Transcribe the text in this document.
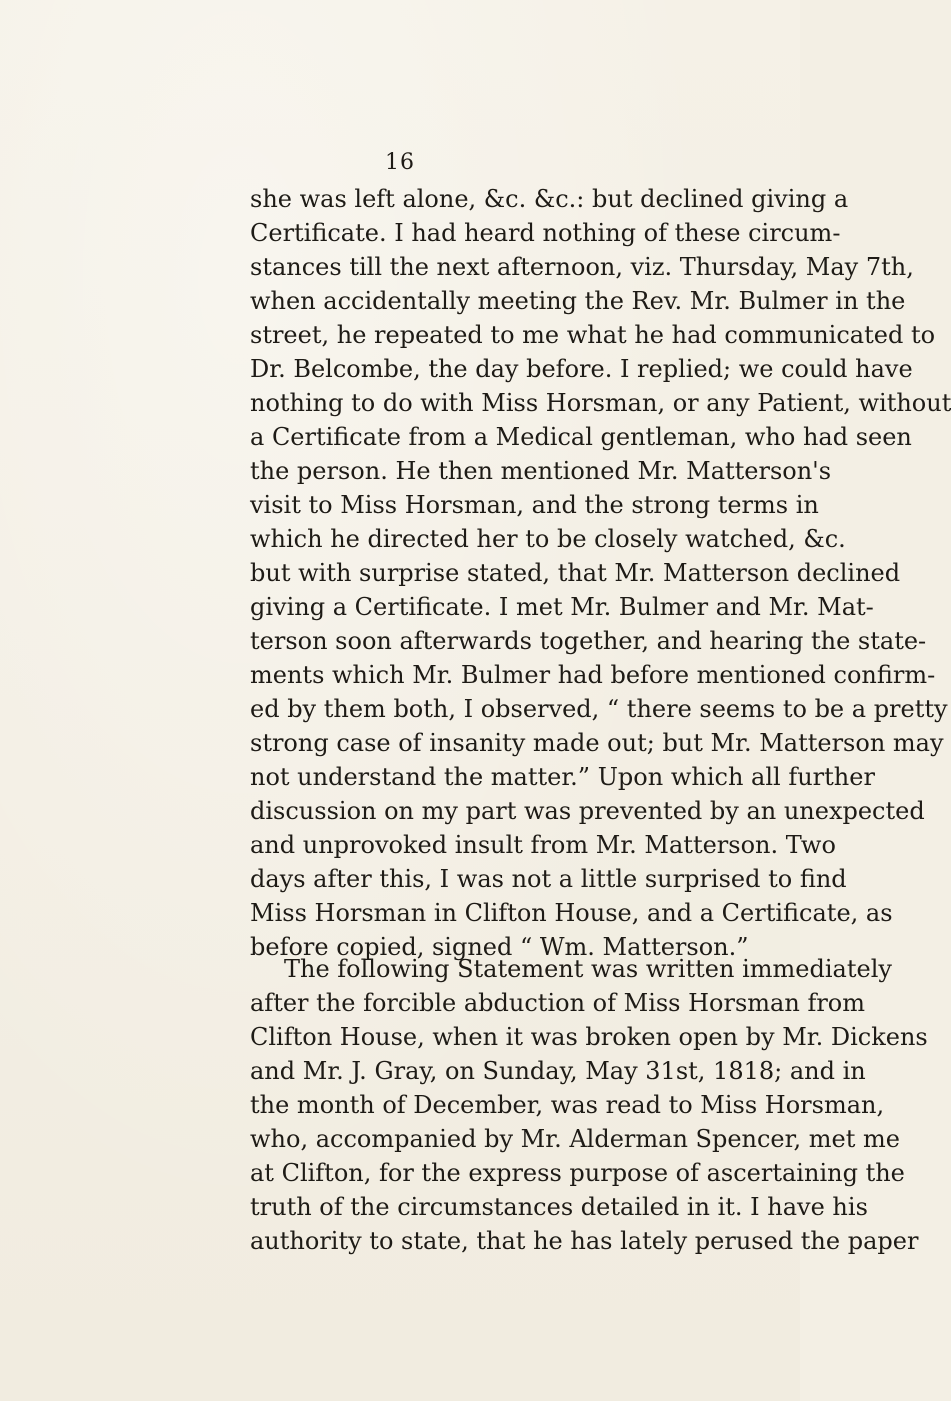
16
she was left alone, &c. &c.: but declined giving a
Certificate. I had heard nothing of these circum-
stances till the next afternoon, viz. Thursday, May 7th,
when accidentally meeting the Rev. Mr. Bulmer in the
street, he repeated to me what he had communicated to
Dr. Belcombe, the day before. I replied; we could have
nothing to do with Miss Horsman, or any Patient, without
a Certificate from a Medical gentleman, who had seen
the person. He then mentioned Mr. Matterson's
visit to Miss Horsman, and the strong terms in
which he directed her to be closely watched, &c.
but with surprise stated, that Mr. Matterson declined
giving a Certificate. I met Mr. Bulmer and Mr. Mat-
terson soon afterwards together, and hearing the state-
ments which Mr. Bulmer had before mentioned confirm-
ed by them both, I observed, “ there seems to be a pretty
strong case of insanity made out; but Mr. Matterson may
not understand the matter.” Upon which all further
discussion on my part was prevented by an unexpected
and unprovoked insult from Mr. Matterson. Two
days after this, I was not a little surprised to find
Miss Horsman in Clifton House, and a Certificate, as
before copied, signed “ Wm. Matterson.”
The following Statement was written immediately
after the forcible abduction of Miss Horsman from
Clifton House, when it was broken open by Mr. Dickens
and Mr. J. Gray, on Sunday, May 31st, 1818; and in
the month of December, was read to Miss Horsman,
who, accompanied by Mr. Alderman Spencer, met me
at Clifton, for the express purpose of ascertaining the
truth of the circumstances detailed in it. I have his
authority to state, that he has lately perused the paper
